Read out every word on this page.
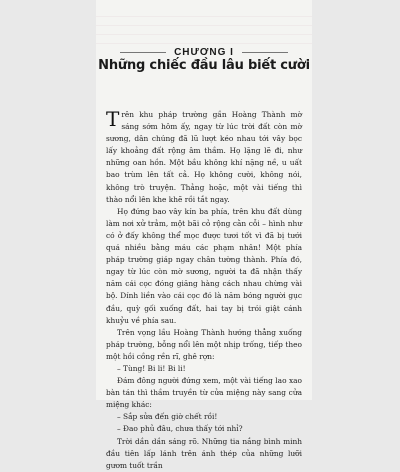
CHƯƠNG I
Những chiếc đầu lâu biết cười

Trên khu pháp trường gần Hoàng Thành mờ sáng sớm hôm ấy, ngay từ lúc trời đất còn mờ sương, dân chúng đã lũ lượt kéo nhau tới vây bọc lấy khoảng đất rộng âm thầm. Họ lặng lẽ đi, như những oan hồn. Một bầu không khí nặng nề, u uất bao trùm lên tất cả. Họ không cười, không nói, không trò truyện. Thảng hoặc, một vài tiếng thì thào nổi lên khe khẽ rồi tắt ngay.

Họ đứng bao vây kín ba phía, trên khu đất dùng làm nơi xử trảm, một bãi cỏ rộng cằn cỗi – hình như có ở đấy không thể mọc được tươi tốt vì đã bị tưới quá nhiều bằng máu các phạm nhân! Một phía pháp trường giáp ngay chân tường thành. Phía đó, ngay từ lúc còn mờ sương, người ta đã nhận thấy năm cái cọc đóng giăng hàng cách nhau chừng vài bộ. Dính liền vào cái cọc đó là năm bóng người gục đầu, quỳ gối xuống đất, hai tay bị trói giật cánh khuỷu về phía sau.

Trên vọng lầu Hoàng Thành hướng thẳng xuống pháp trường, bỗng nổi lên một nhịp trống, tiếp theo một hồi cồng rền rĩ, ghê rợn:

– Tùng! Bi li! Bi li!

Đám đông người đứng xem, một vài tiếng lao xao bàn tán thì thầm truyền từ cửa miệng này sang cửa miệng khác:

– Sắp sửa đến giờ chết rồi!

– Đao phủ đâu, chưa thấy tới nhỉ?

Trời dần dần sáng rõ. Những tia nắng bình minh đầu tiên lấp lánh trên ánh thép của những lưỡi gươm tuốt trần
